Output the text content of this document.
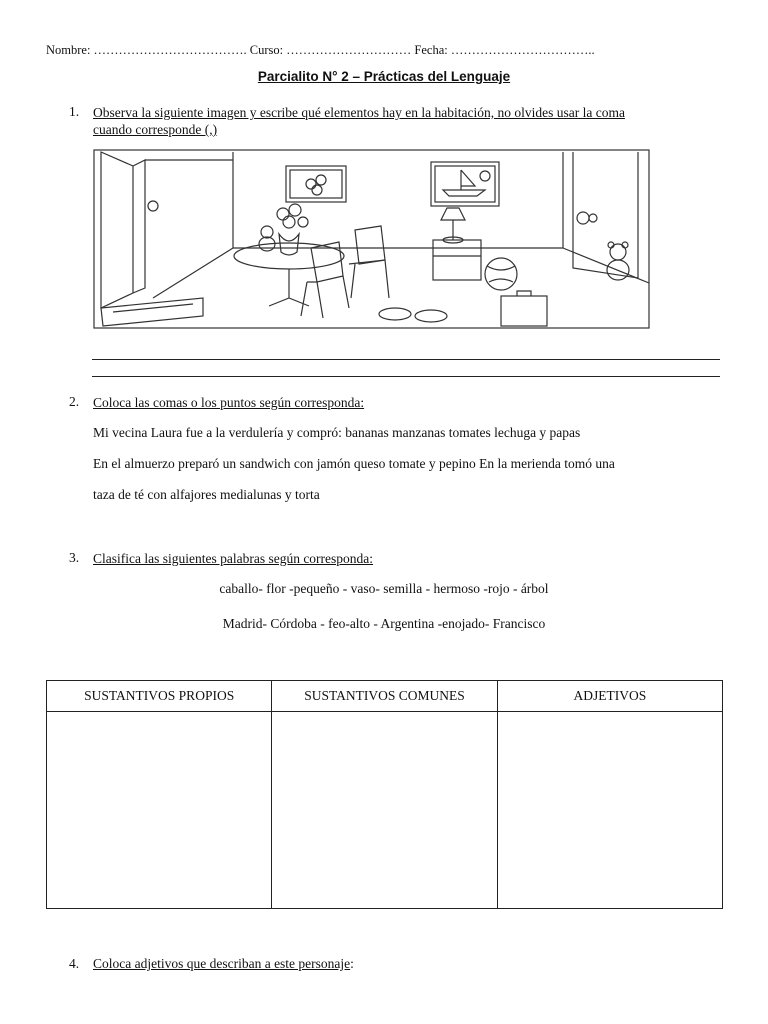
Nombre: ………………………………. Curso: ………………………… Fecha: ……………………………..
Parcialito N° 2 – Prácticas del Lenguaje
1. Observa la siguiente imagen y escribe qué elementos hay en la habitación, no olvides usar la coma
cuando corresponde (,)
2. Coloca las comas o los puntos según corresponda:
Mi vecina Laura fue a la verdulería y compró: bananas manzanas tomates lechuga y papas
En el almuerzo preparó un sandwich con jamón queso tomate y pepino En la merienda tomó una
taza de té con alfajores medialunas y torta
3. Clasifica las siguientes palabras según corresponda:
caballo- flor -pequeño - vaso- semilla - hermoso -rojo - árbol
Madrid- Córdoba - feo-alto - Argentina -enojado- Francisco
SUSTANTIVOS PROPIOS	SUSTANTIVOS COMUNES	ADJETIVOS

4. Coloca adjetivos que describan a este personaje:
